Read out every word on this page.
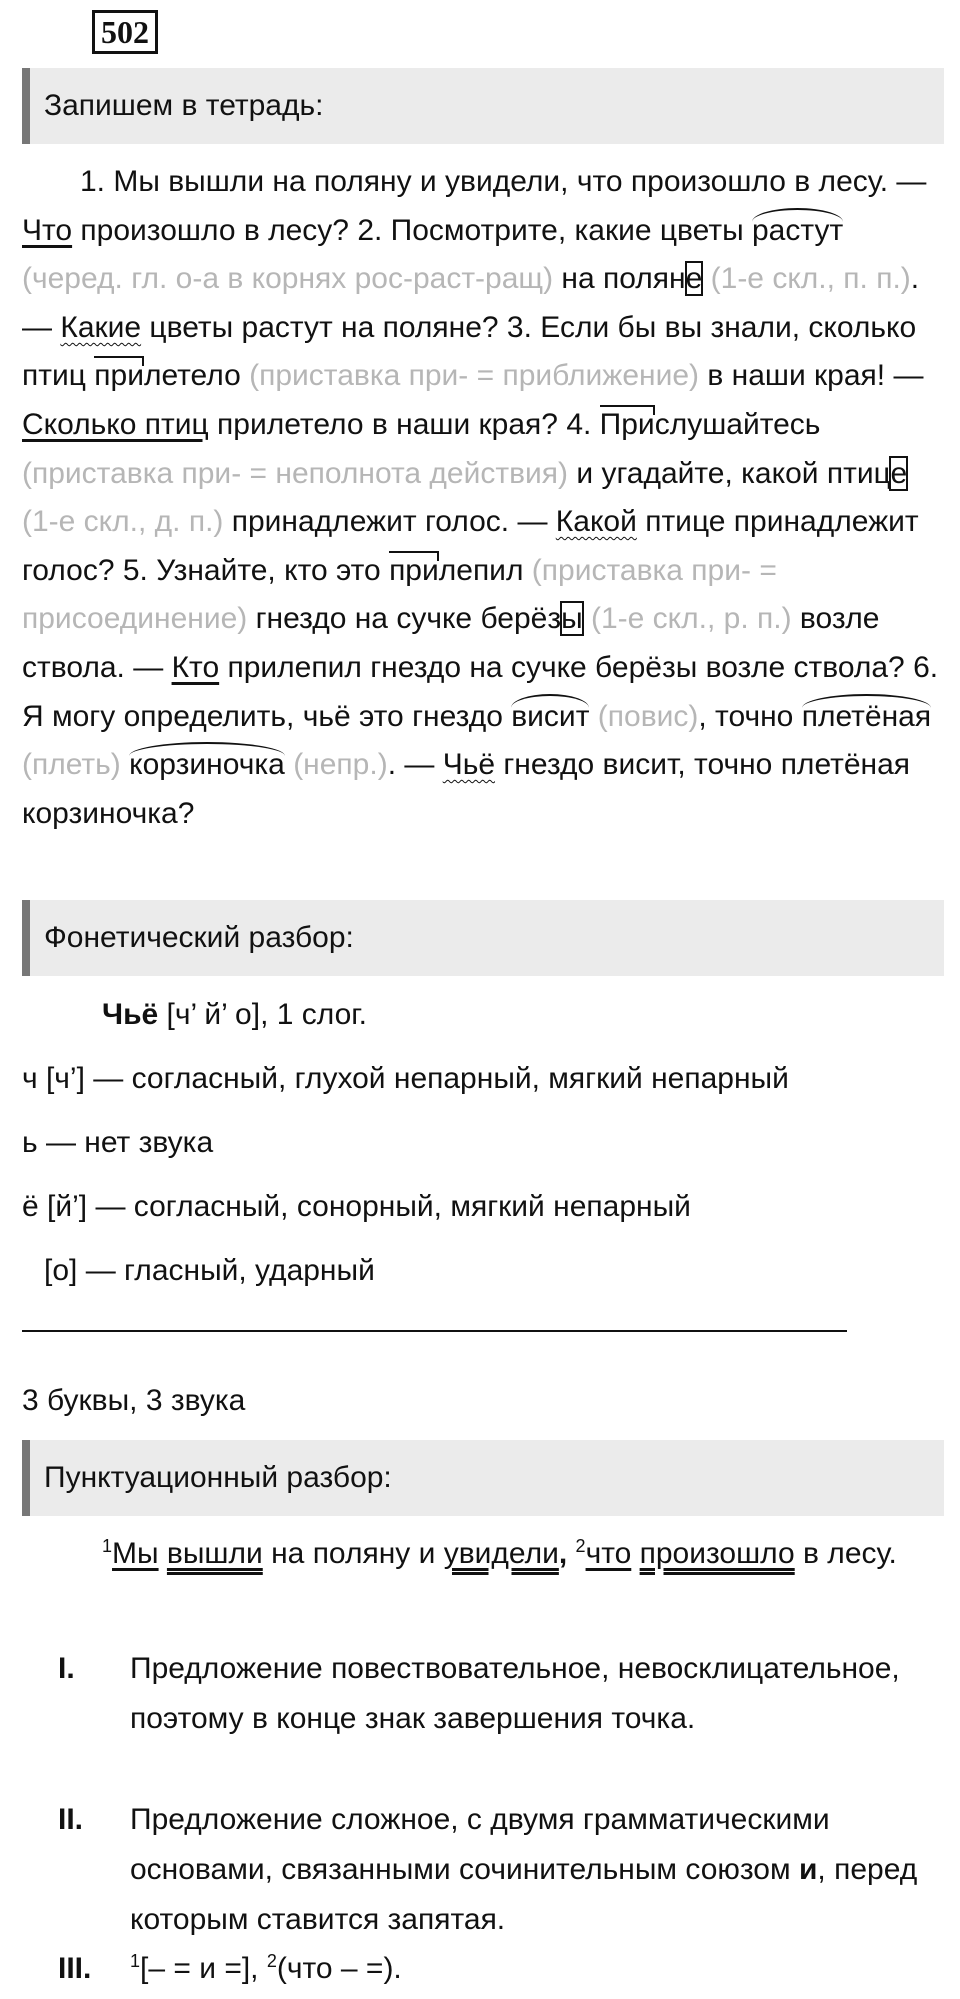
502
Запишем в тетрадь:
1. Мы вышли на поляну и увидели, что произошло в лесу. — Что произошло в лесу? 2. Посмотрите, какие цветы растут (черед. гл. о-а в корнях рос-раст-ращ) на поляне (1-е скл., п. п.). — Какие цветы растут на поляне? 3. Если бы вы знали, сколько птиц прилетело (приставка при- = приближение) в наши края! — Сколько птиц прилетело в наши края? 4. Прислушайтесь (приставка при- = неполнота действия) и угадайте, какой птице (1-е скл., д. п.) принадлежит голос. — Какой птице принадлежит голос? 5. Узнайте, кто это прилепил (приставка при- = присоединение) гнездо на сучке берёзы (1-е скл., р. п.) возле ствола. — Кто прилепил гнездо на сучке берёзы возле ствола? 6. Я могу определить, чьё это гнездо висит (повис), точно плетёная (плеть) корзиночка (непр.). — Чьё гнездо висит, точно плетёная корзиночка?
Фонетический разбор:
Чьё [ч’ й’ о], 1 слог.
ч [ч’] — согласный, глухой непарный, мягкий непарный
ь — нет звука
ё [й’] — согласный, сонорный, мягкий непарный
[о] — гласный, ударный
3 буквы, 3 звука
Пунктуационный разбор:
$^1$Мы вышли на поляну и увидели, $^2$что произошло в лесу.
I. Предложение повествовательное, невосклицательное, поэтому в конце знак завершения точка.
II. Предложение сложное, с двумя грамматическими основами, связанными сочинительным союзом и, перед которым ставится запятая.
III. $^1$[– = и =], $^2$(что – =).
